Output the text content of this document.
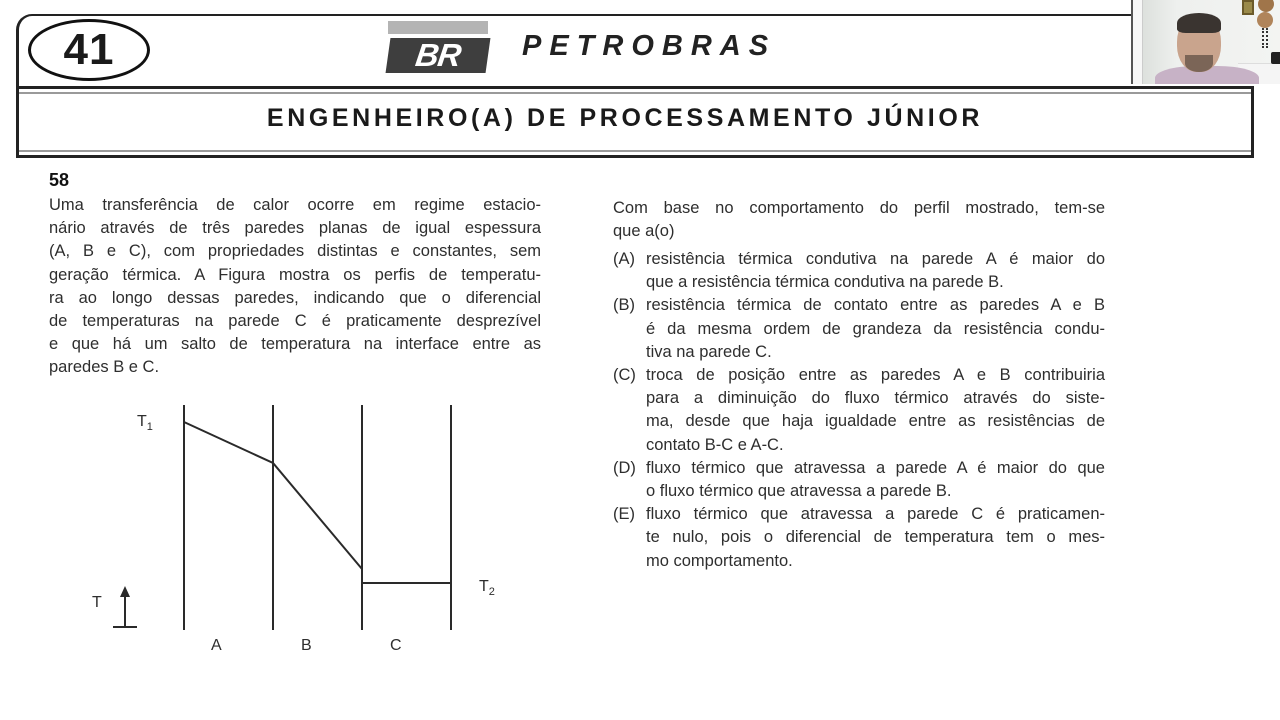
41	BR	PETROBRAS
ENGENHEIRO(A) DE PROCESSAMENTO JÚNIOR
58
Uma transferência de calor ocorre em regime estacio-
nário através de três paredes planas de igual espessura
(A, B e C), com propriedades distintas e constantes, sem
geração térmica. A Figura mostra os perfis de temperatu-
ra ao longo dessas paredes, indicando que o diferencial
de temperaturas na parede C é praticamente desprezível
e que há um salto de temperatura na interface entre as
paredes B e C.
$T_1$
$T_2$
T
A	B	C
Com base no comportamento do perfil mostrado, tem-se
que a(o)
(A) resistência térmica condutiva na parede A é maior do
que a resistência térmica condutiva na parede B.
(B) resistência térmica de contato entre as paredes A e B
é da mesma ordem de grandeza da resistência condu-
tiva na parede C.
(C) troca de posição entre as paredes A e B contribuiria
para a diminuição do fluxo térmico através do siste-
ma, desde que haja igualdade entre as resistências de
contato B-C e A-C.
(D) fluxo térmico que atravessa a parede A é maior do que
o fluxo térmico que atravessa a parede B.
(E) fluxo térmico que atravessa a parede C é praticamen-
te nulo, pois o diferencial de temperatura tem o mes-
mo comportamento.
